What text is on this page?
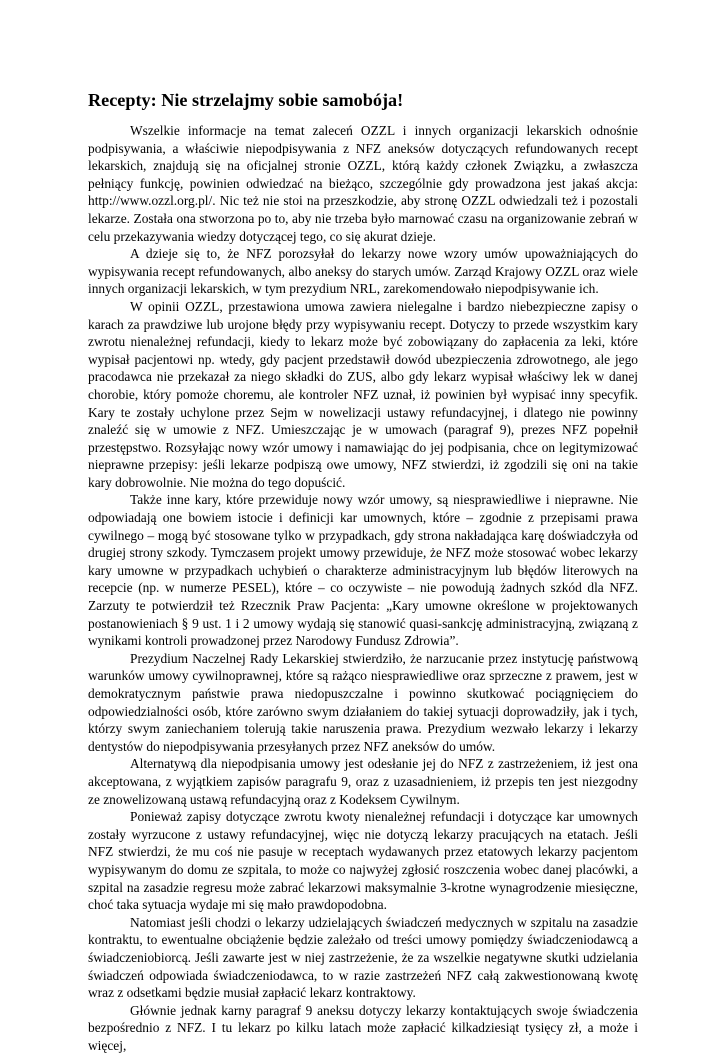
Recepty: Nie strzelajmy sobie samobója!

Wszelkie informacje na temat zaleceń OZZL i innych organizacji lekarskich odnośnie podpisywania, a właściwie niepodpisywania z NFZ aneksów dotyczących refundowanych recept lekarskich, znajdują się na oficjalnej stronie OZZL, którą każdy członek Związku, a zwłaszcza pełniący funkcję, powinien odwiedzać na bieżąco, szczególnie gdy prowadzona jest jakaś akcja: http://www.ozzl.org.pl/. Nic też nie stoi na przeszkodzie, aby stronę OZZL odwiedzali też i pozostali lekarze. Została ona stworzona po to, aby nie trzeba było marnować czasu na organizowanie zebrań w celu przekazywania wiedzy dotyczącej tego, co się akurat dzieje.

A dzieje się to, że NFZ porozsyłał do lekarzy nowe wzory umów upoważniających do wypisywania recept refundowanych, albo aneksy do starych umów. Zarząd Krajowy OZZL oraz wiele innych organizacji lekarskich, w tym prezydium NRL, zarekomendowało niepodpisywanie ich.

W opinii OZZL, przestawiona umowa zawiera nielegalne i bardzo niebezpieczne zapisy o karach za prawdziwe lub urojone błędy przy wypisywaniu recept. Dotyczy to przede wszystkim kary zwrotu nienależnej refundacji, kiedy to lekarz może być zobowiązany do zapłacenia za leki, które wypisał pacjentowi np. wtedy, gdy pacjent przedstawił dowód ubezpieczenia zdrowotnego, ale jego pracodawca nie przekazał za niego składki do ZUS, albo gdy lekarz wypisał właściwy lek w danej chorobie, który pomoże choremu, ale kontroler NFZ uznał, iż powinien był wypisać inny specyfik. Kary te zostały uchylone przez Sejm w nowelizacji ustawy refundacyjnej, i dlatego nie powinny znaleźć się w umowie z NFZ. Umieszczając je w umowach (paragraf 9), prezes NFZ popełnił przestępstwo. Rozsyłając nowy wzór umowy i namawiając do jej podpisania, chce on legitymizować nieprawne przepisy: jeśli lekarze podpiszą owe umowy, NFZ stwierdzi, iż zgodzili się oni na takie kary dobrowolnie. Nie można do tego dopuścić.

Także inne kary, które przewiduje nowy wzór umowy, są niesprawiedliwe i nieprawne. Nie odpowiadają one bowiem istocie i definicji kar umownych, które – zgodnie z przepisami prawa cywilnego – mogą być stosowane tylko w przypadkach, gdy strona nakładająca karę doświadczyła od drugiej strony szkody. Tymczasem projekt umowy przewiduje, że NFZ może stosować wobec lekarzy kary umowne w przypadkach uchybień o charakterze administracyjnym lub błędów literowych na recepcie (np. w numerze PESEL), które – co oczywiste – nie powodują żadnych szkód dla NFZ. Zarzuty te potwierdził też Rzecznik Praw Pacjenta: „Kary umowne określone w projektowanych postanowieniach § 9 ust. 1 i 2 umowy wydają się stanowić quasi-sankcję administracyjną, związaną z wynikami kontroli prowadzonej przez Narodowy Fundusz Zdrowia”.

Prezydium Naczelnej Rady Lekarskiej stwierdziło, że narzucanie przez instytucję państwową warunków umowy cywilnoprawnej, które są rażąco niesprawiedliwe oraz sprzeczne z prawem, jest w demokratycznym państwie prawa niedopuszczalne i powinno skutkować pociągnięciem do odpowiedzialności osób, które zarówno swym działaniem do takiej sytuacji doprowadziły, jak i tych, którzy swym zaniechaniem tolerują takie naruszenia prawa. Prezydium wezwało lekarzy i lekarzy dentystów do niepodpisywania przesyłanych przez NFZ aneksów do umów.

Alternatywą dla niepodpisania umowy jest odesłanie jej do NFZ z zastrzeżeniem, iż jest ona akceptowana, z wyjątkiem zapisów paragrafu 9, oraz z uzasadnieniem, iż przepis ten jest niezgodny ze znowelizowaną ustawą refundacyjną oraz z Kodeksem Cywilnym.

Ponieważ zapisy dotyczące zwrotu kwoty nienależnej refundacji i dotyczące kar umownych zostały wyrzucone z ustawy refundacyjnej, więc nie dotyczą lekarzy pracujących na etatach. Jeśli NFZ stwierdzi, że mu coś nie pasuje w receptach wydawanych przez etatowych lekarzy pacjentom wypisywanym do domu ze szpitala, to może co najwyżej zgłosić roszczenia wobec danej placówki, a szpital na zasadzie regresu może zabrać lekarzowi maksymalnie 3-krotne wynagrodzenie miesięczne, choć taka sytuacja wydaje mi się mało prawdopodobna.

Natomiast jeśli chodzi o lekarzy udzielających świadczeń medycznych w szpitalu na zasadzie kontraktu, to ewentualne obciążenie będzie zależało od treści umowy pomiędzy świadczeniodawcą a świadczeniobiorcą. Jeśli zawarte jest w niej zastrzeżenie, że za wszelkie negatywne skutki udzielania świadczeń odpowiada świadczeniodawca, to w razie zastrzeżeń NFZ całą zakwestionowaną kwotę wraz z odsetkami będzie musiał zapłacić lekarz kontraktowy.

Głównie jednak karny paragraf 9 aneksu dotyczy lekarzy kontaktujących swoje świadczenia bezpośrednio z NFZ. I tu lekarz po kilku latach może zapłacić kilkadziesiąt tysięcy zł, a może i więcej,
